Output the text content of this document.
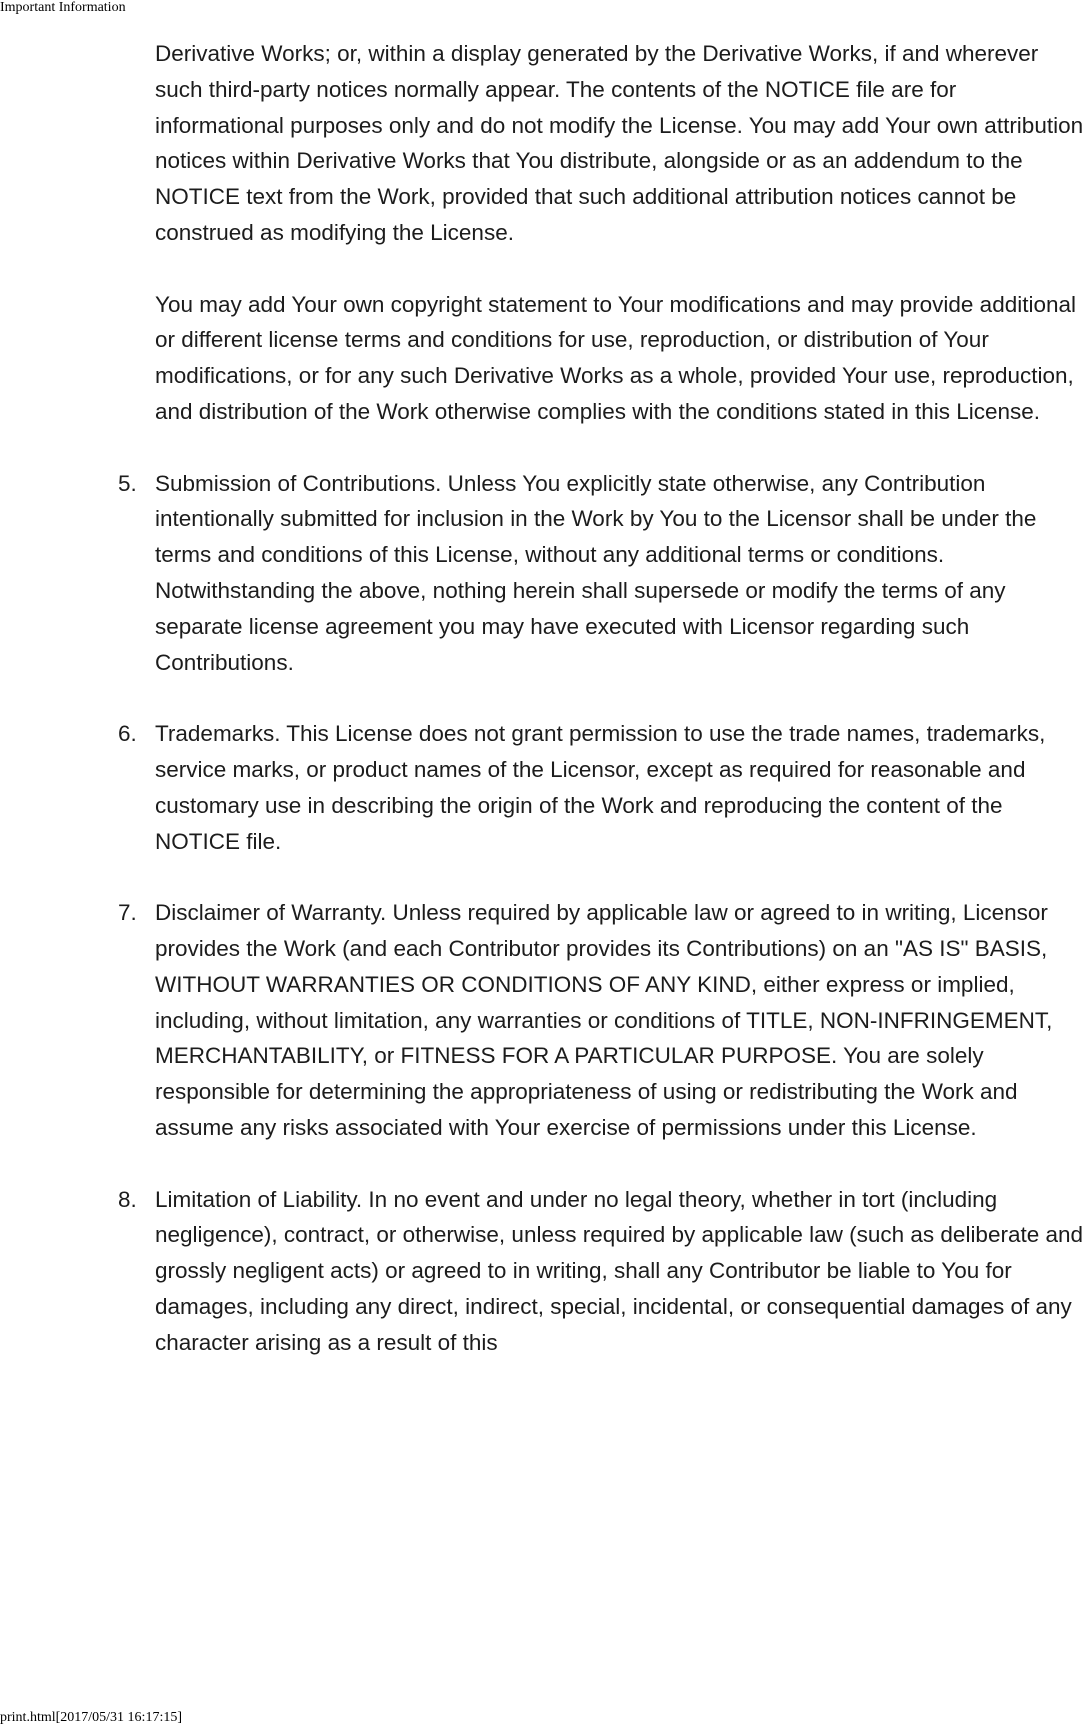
Important Information

Derivative Works; or, within a display generated by the Derivative Works, if and wherever such third-party notices normally appear. The contents of the NOTICE file are for informational purposes only and do not modify the License. You may add Your own attribution notices within Derivative Works that You distribute, alongside or as an addendum to the NOTICE text from the Work, provided that such additional attribution notices cannot be construed as modifying the License.

You may add Your own copyright statement to Your modifications and may provide additional or different license terms and conditions for use, reproduction, or distribution of Your modifications, or for any such Derivative Works as a whole, provided Your use, reproduction, and distribution of the Work otherwise complies with the conditions stated in this License.

5. Submission of Contributions. Unless You explicitly state otherwise, any Contribution intentionally submitted for inclusion in the Work by You to the Licensor shall be under the terms and conditions of this License, without any additional terms or conditions. Notwithstanding the above, nothing herein shall supersede or modify the terms of any separate license agreement you may have executed with Licensor regarding such Contributions.
6. Trademarks. This License does not grant permission to use the trade names, trademarks, service marks, or product names of the Licensor, except as required for reasonable and customary use in describing the origin of the Work and reproducing the content of the NOTICE file.
7. Disclaimer of Warranty. Unless required by applicable law or agreed to in writing, Licensor provides the Work (and each Contributor provides its Contributions) on an "AS IS" BASIS, WITHOUT WARRANTIES OR CONDITIONS OF ANY KIND, either express or implied, including, without limitation, any warranties or conditions of TITLE, NON-INFRINGEMENT, MERCHANTABILITY, or FITNESS FOR A PARTICULAR PURPOSE. You are solely responsible for determining the appropriateness of using or redistributing the Work and assume any risks associated with Your exercise of permissions under this License.
8. Limitation of Liability. In no event and under no legal theory, whether in tort (including negligence), contract, or otherwise, unless required by applicable law (such as deliberate and grossly negligent acts) or agreed to in writing, shall any Contributor be liable to You for damages, including any direct, indirect, special, incidental, or consequential damages of any character arising as a result of this
print.html[2017/05/31 16:17:15]
